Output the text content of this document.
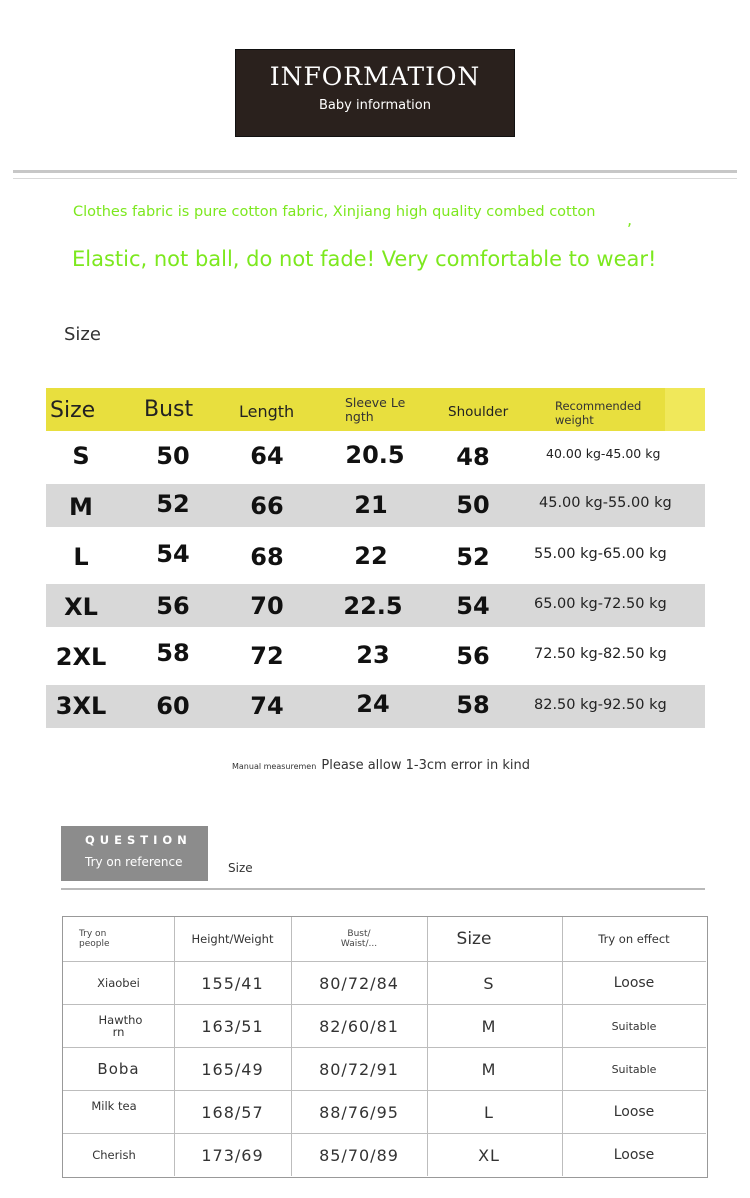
INFORMATION
Baby information
Clothes fabric is pure cotton fabric, Xinjiang high quality combed cotton ,
Elastic, not ball, do not fade! Very comfortable to wear!
Size
Size Bust	Length	Sleeve Le ngth	Shoulder	Recommended weight
S	50	64	20.5	48	40.00 kg-45.00 kg
M	52	66	21	50	45.00 kg-55.00 kg
L	54	68	22	52	55.00 kg-65.00 kg
XL	56	70	22.5	54	65.00 kg-72.50 kg
2XL	58	72	23	56	72.50 kg-82.50 kg
3XL	60	74	24	58	82.50 kg-92.50 kg
Manual measuremen Please allow 1-3cm error in kind
QUESTION
Try on reference	Size
Try on people	Height/Weight	Bust/ Waist/...	Size	Try on effect
Xiaobei	155/41	80/72/84	S	Loose
Hawtho rn	163/51	82/60/81	M	Suitable
Boba	165/49	80/72/91	M	Suitable
Milk tea	168/57	88/76/95	L	Loose
Cherish	173/69	85/70/89	XL	Loose
